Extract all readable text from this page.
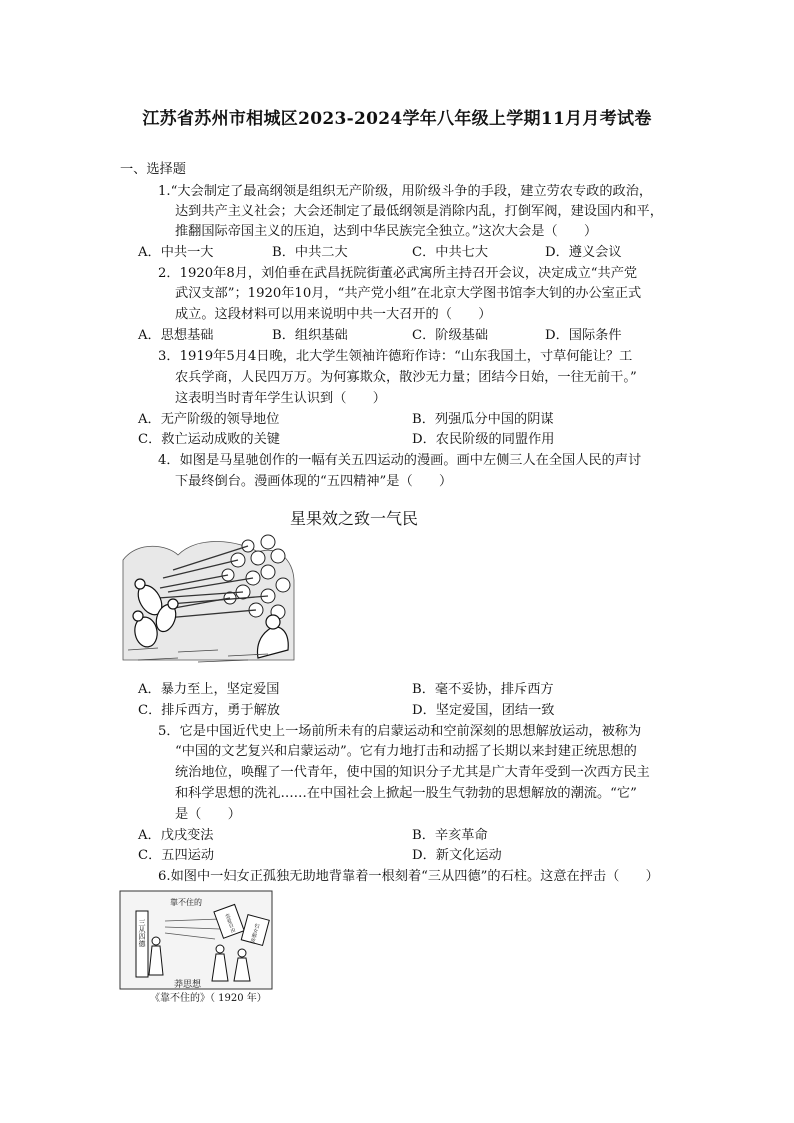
江苏省苏州市相城区2023-2024学年八年级上学期11月月考试卷
一、选择题
1.“大会制定了最高纲领是组织无产阶级，用阶级斗争的手段，建立劳农专政的政治，
达到共产主义社会；大会还制定了最低纲领是消除内乱，打倒军阀，建设国内和平，
推翻国际帝国主义的压迫，达到中华民族完全独立。”这次大会是（　　）
A．中共一大	B．中共二大	C．中共七大	D．遵义会议
2．1920年8月，刘伯垂在武昌抚院街董必武寓所主持召开会议，决定成立“共产党
武汉支部”；1920年10月，“共产党小组”在北京大学图书馆李大钊的办公室正式
成立。这段材料可以用来说明中共一大召开的（　　）
A．思想基础	B．组织基础	C．阶级基础	D．国际条件
3．1919年5月4日晚，北大学生领袖许德珩作诗：“山东我国土，寸草何能让？工
农兵学商，人民四万万。为何寡欺众，散沙无力量；团结今日始，一往无前干。”
这表明当时青年学生认识到（　　）
A．无产阶级的领导地位	B．列强瓜分中国的阴谋
C．救亡运动成败的关键	D．农民阶级的同盟作用
4．如图是马星驰创作的一幅有关五四运动的漫画。画中左侧三人在全国人民的声讨
下最终倒台。漫画体现的“五四精神”是（　　）
民气一致之效果星
A．暴力至上，坚定爱国	B．毫不妥协，排斥西方
C．排斥西方，勇于解放	D．坚定爱国，团结一致
5．它是中国近代史上一场前所未有的启蒙运动和空前深刻的思想解放运动，被称为
“中国的文艺复兴和启蒙运动”。它有力地打击和动摇了长期以来封建正统思想的
统治地位，唤醒了一代青年，使中国的知识分子尤其是广大青年受到一次西方民主
和科学思想的洗礼……在中国社会上掀起一股生气勃勃的思想解放的潮流。“它”
是（　　）
A．戊戌变法	B．辛亥革命
C．五四运动	D．新文化运动
6.如图中一妇女正孤独无助地背靠着一根刻着“三从四德”的石柱。这意在抨击（　　）
靠不住的
三从四德	恋爱自由	妇女解放
莽思想
《靠不住的》（ 1920 年）
